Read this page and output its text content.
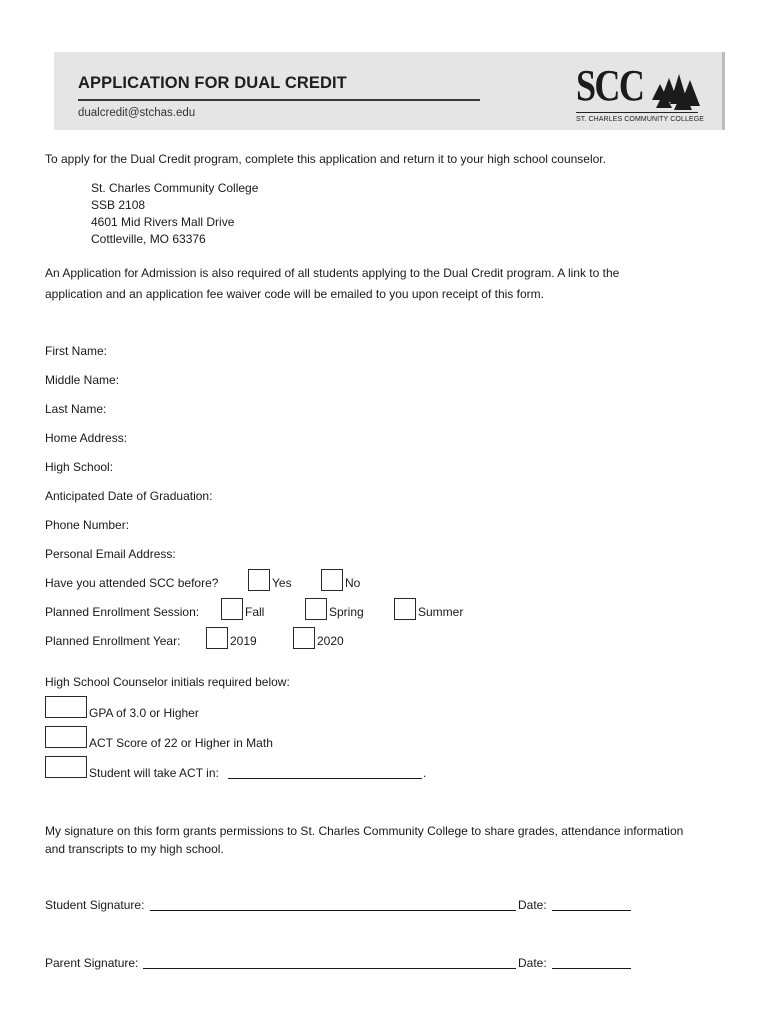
APPLICATION FOR DUAL CREDIT
dualcredit@stchas.edu
SCC
ST. CHARLES COMMUNITY COLLEGE
To apply for the Dual Credit program, complete this application and return it to your high school counselor.
St. Charles Community College
SSB 2108
4601 Mid Rivers Mall Drive
Cottleville, MO 63376
An Application for Admission is also required of all students applying to the Dual Credit program. A link to the
application and an application fee waiver code will be emailed to you upon receipt of this form.
First Name:
Middle Name:
Last Name:
Home Address:
High School:
Anticipated Date of Graduation:
Phone Number:
Personal Email Address:
Have you attended SCC before?	Yes	No
Planned Enrollment Session:	Fall	Spring	Summer
Planned Enrollment Year:	2019	2020
High School Counselor initials required below:
GPA of 3.0 or Higher
ACT Score of 22 or Higher in Math
Student will take ACT in:	.
My signature on this form grants permissions to St. Charles Community College to share grades, attendance information
and transcripts to my high school.
Student Signature:	Date:
Parent Signature:	Date:
